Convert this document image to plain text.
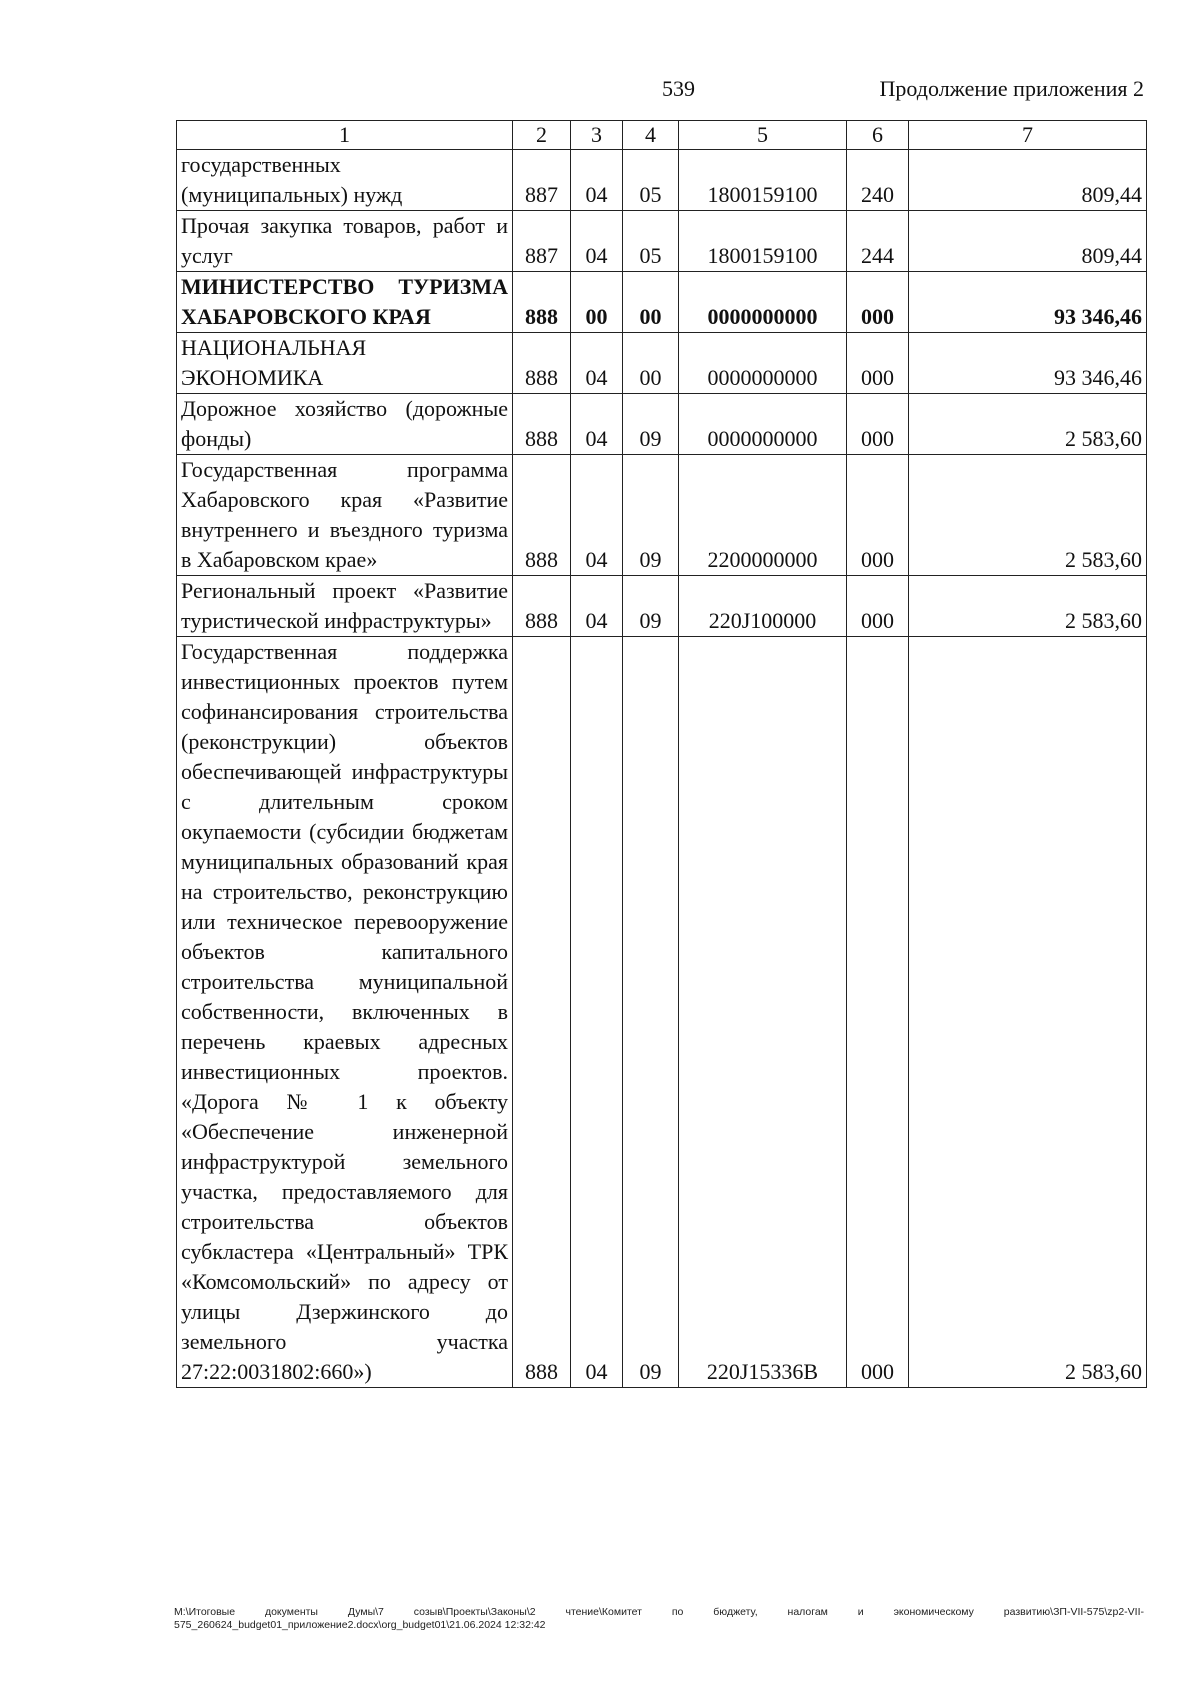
539	Продолжение приложения 2
1	2	3	4	5	6	7
государственных (муниципальных) нужд	887	04	05	1800159100	240	809,44
Прочая закупка товаров, работ и услуг	887	04	05	1800159100	244	809,44
МИНИСТЕРСТВО ТУРИЗМА ХАБАРОВСКОГО КРАЯ	888	00	00	0000000000	000	93 346,46
НАЦИОНАЛЬНАЯ ЭКОНОМИКА	888	04	00	0000000000	000	93 346,46
Дорожное хозяйство (дорожные фонды)	888	04	09	0000000000	000	2 583,60
Государственная программа Хабаровского края «Развитие внутреннего и въездного туризма в Хабаровском крае»	888	04	09	2200000000	000	2 583,60
Региональный проект «Развитие туристической инфраструктуры»	888	04	09	220J100000	000	2 583,60
Государственная поддержка инвестиционных проектов путем софинансирования строительства (реконструкции) объектов обеспечивающей инфраструктуры с длительным сроком окупаемости (субсидии бюджетам муниципальных образований края на строительство, реконструкцию или техническое перевооружение объектов капитального строительства муниципальной собственности, включенных в перечень краевых адресных инвестиционных проектов. «Дорога № 1 к объекту «Обеспечение инженерной инфраструктурой земельного участка, предоставляемого для строительства объектов субкластера «Центральный» ТРК «Комсомольский» по адресу от улицы Дзержинского до земельного участка 27:22:0031802:660»)	888	04	09	220J15336В	000	2 583,60
M:\Итоговые документы Думы\7 созыв\Проекты\Законы\2 чтение\Комитет по бюджету, налогам и экономическому развитию\ЗП-VII-575\zp2-VII-575_260624_budget01_приложение2.docx\org_budget01\21.06.2024 12:32:42
